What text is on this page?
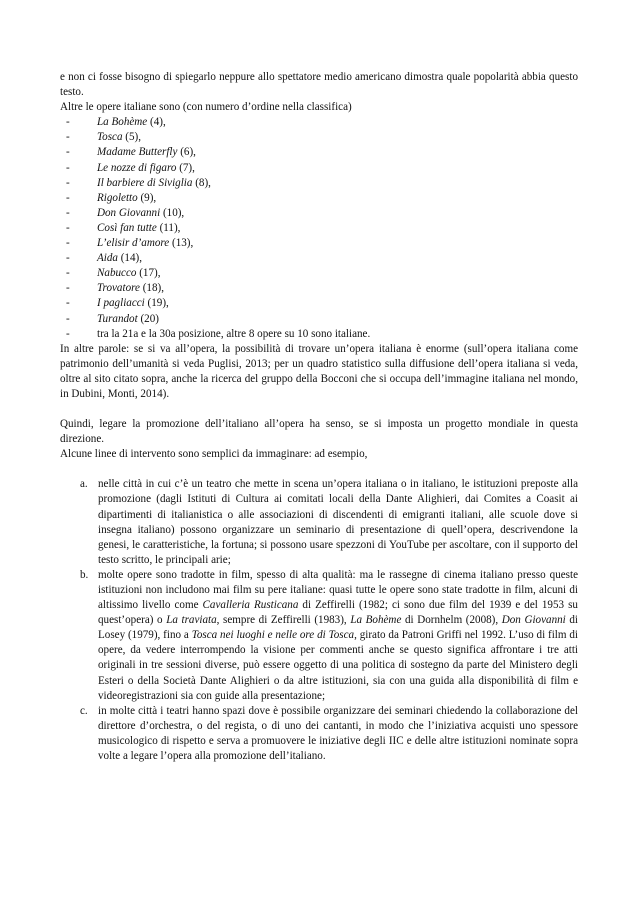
e non ci fosse bisogno di spiegarlo neppure allo spettatore medio americano dimostra quale popolarità abbia questo testo.

Altre le opere italiane sono (con numero d’ordine nella classifica)

- La Bohème (4),
- Tosca (5),
- Madame Butterfly (6),
- Le nozze di figaro (7),
- Il barbiere di Siviglia (8),
- Rigoletto (9),
- Don Giovanni (10),
- Così fan tutte (11),
- L’elisir d’amore (13),
- Aida (14),
- Nabucco (17),
- Trovatore (18),
- I pagliacci (19),
- Turandot (20)
- tra la 21a e la 30a posizione, altre 8 opere su 10 sono italiane.

In altre parole: se si va all’opera, la possibilità di trovare un’opera italiana è enorme (sull’opera italiana come patrimonio dell’umanità si veda Puglisi, 2013; per un quadro statistico sulla diffusione dell’opera italiana si veda, oltre al sito citato sopra, anche la ricerca del gruppo della Bocconi che si occupa dell’immagine italiana nel mondo, in Dubini, Monti, 2014).

Quindi, legare la promozione dell’italiano all’opera ha senso, se si imposta un progetto mondiale in questa direzione.

Alcune linee di intervento sono semplici da immaginare: ad esempio,

a. nelle città in cui c’è un teatro che mette in scena un’opera italiana o in italiano, le istituzioni preposte alla promozione (dagli Istituti di Cultura ai comitati locali della Dante Alighieri, dai Comites a Coasit ai dipartimenti di italianistica o alle associazioni di discendenti di emigranti italiani, alle scuole dove si insegna italiano) possono organizzare un seminario di presentazione di quell’opera, descrivendone la genesi, le caratteristiche, la fortuna; si possono usare spezzoni di YouTube per ascoltare, con il supporto del testo scritto, le principali arie;
b. molte opere sono tradotte in film, spesso di alta qualità: ma le rassegne di cinema italiano presso queste istituzioni non includono mai film su pere italiane: quasi tutte le opere sono state tradotte in film, alcuni di altissimo livello come Cavalleria Rusticana di Zeffirelli (1982; ci sono due film del 1939 e del 1953 su quest’opera) o La traviata, sempre di Zeffirelli (1983), La Bohème di Dornhelm (2008), Don Giovanni di Losey (1979), fino a Tosca nei luoghi e nelle ore di Tosca, girato da Patroni Griffi nel 1992. L’uso di film di opere, da vedere interrompendo la visione per commenti anche se questo significa affrontare i tre atti originali in tre sessioni diverse, può essere oggetto di una politica di sostegno da parte del Ministero degli Esteri o della Società Dante Alighieri o da altre istituzioni, sia con una guida alla disponibilità di film e videoregistrazioni sia con guide alla presentazione;
c. in molte città i teatri hanno spazi dove è possibile organizzare dei seminari chiedendo la collaborazione del direttore d’orchestra, o del regista, o di uno dei cantanti, in modo che l’iniziativa acquisti uno spessore musicologico di rispetto e serva a promuovere le iniziative degli IIC e delle altre istituzioni nominate sopra volte a legare l’opera alla promozione dell’italiano.
